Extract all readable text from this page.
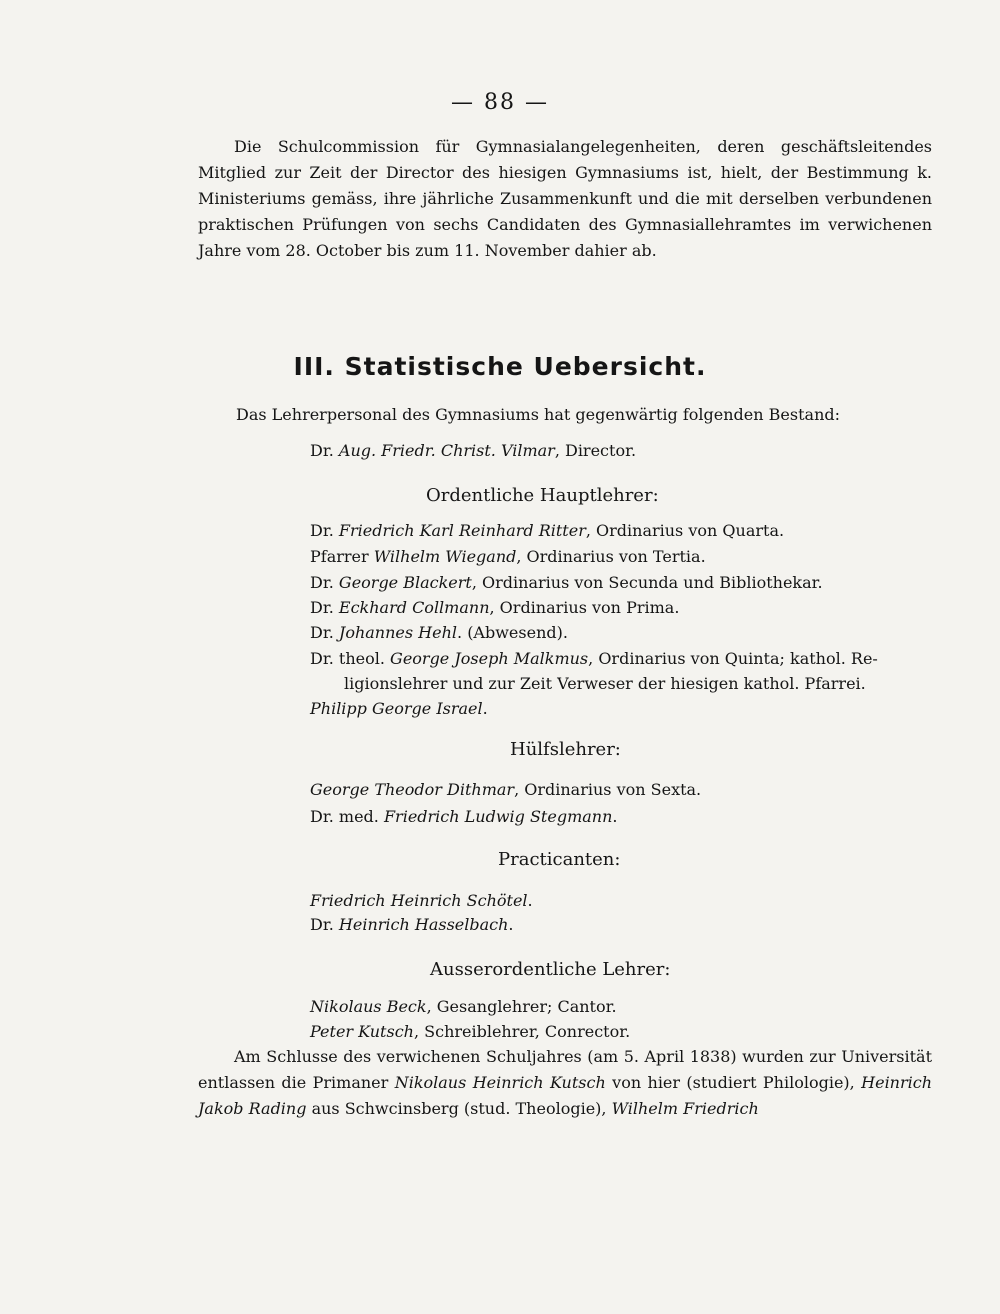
— 88 —

Die Schulcommission für Gymnasialangelegenheiten, deren geschäftsleitendes Mitglied zur Zeit der Director des hiesigen Gymnasiums ist, hielt, der Bestimmung k. Ministeriums gemäss, ihre jährliche Zusammenkunft und die mit derselben verbundenen praktischen Prüfungen von sechs Candidaten des Gymnasiallehramtes im verwichenen Jahre vom 28. October bis zum 11. November dahier ab.

III. Statistische Uebersicht.
Das Lehrerpersonal des Gymnasiums hat gegenwärtig folgenden Bestand:
Dr. Aug. Friedr. Christ. Vilmar, Director.
Ordentliche Hauptlehrer:
Dr. Friedrich Karl Reinhard Ritter, Ordinarius von Quarta.
Pfarrer Wilhelm Wiegand, Ordinarius von Tertia.
Dr. George Blackert, Ordinarius von Secunda und Bibliothekar.
Dr. Eckhard Collmann, Ordinarius von Prima.
Dr. Johannes Hehl. (Abwesend).
Dr. theol. George Joseph Malkmus, Ordinarius von Quinta; kathol. Re-
ligionslehrer und zur Zeit Verweser der hiesigen kathol. Pfarrei.
Philipp George Israel.
Hülfslehrer:
George Theodor Dithmar, Ordinarius von Sexta.
Dr. med. Friedrich Ludwig Stegmann.
Practicanten:
Friedrich Heinrich Schötel.
Dr. Heinrich Hasselbach.
Ausserordentliche Lehrer:
Nikolaus Beck, Gesanglehrer; Cantor.
Peter Kutsch, Schreiblehrer, Conrector.

Am Schlusse des verwichenen Schuljahres (am 5. April 1838) wurden zur Universität entlassen die Primaner Nikolaus Heinrich Kutsch von hier (studiert Philologie), Heinrich Jakob Rading aus Schwcinsberg (stud. Theologie), Wilhelm Friedrich
